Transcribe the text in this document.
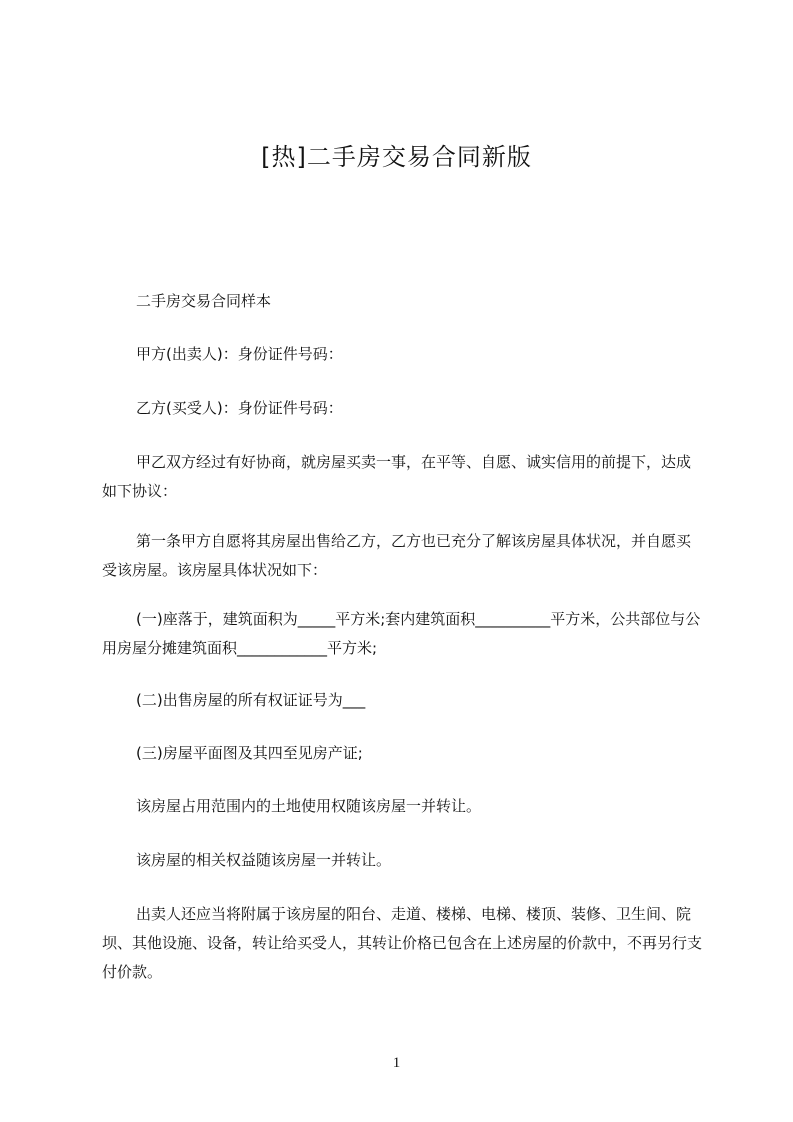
[热]二手房交易合同新版
二手房交易合同样本
甲方(出卖人)：身份证件号码：
乙方(买受人)：身份证件号码：
甲乙双方经过有好协商，就房屋买卖一事，在平等、自愿、诚实信用的前提下，达成如下协议：
第一条甲方自愿将其房屋出售给乙方，乙方也已充分了解该房屋具体状况，并自愿买受该房屋。该房屋具体状况如下：
(一)座落于，建筑面积为_____平方米;套内建筑面积__________平方米，公共部位与公用房屋分摊建筑面积____________平方米;
(二)出售房屋的所有权证证号为___
(三)房屋平面图及其四至见房产证;
该房屋占用范围内的土地使用权随该房屋一并转让。
该房屋的相关权益随该房屋一并转让。
出卖人还应当将附属于该房屋的阳台、走道、楼梯、电梯、楼顶、装修、卫生间、院坝、其他设施、设备，转让给买受人，其转让价格已包含在上述房屋的价款中，不再另行支付价款。
1
